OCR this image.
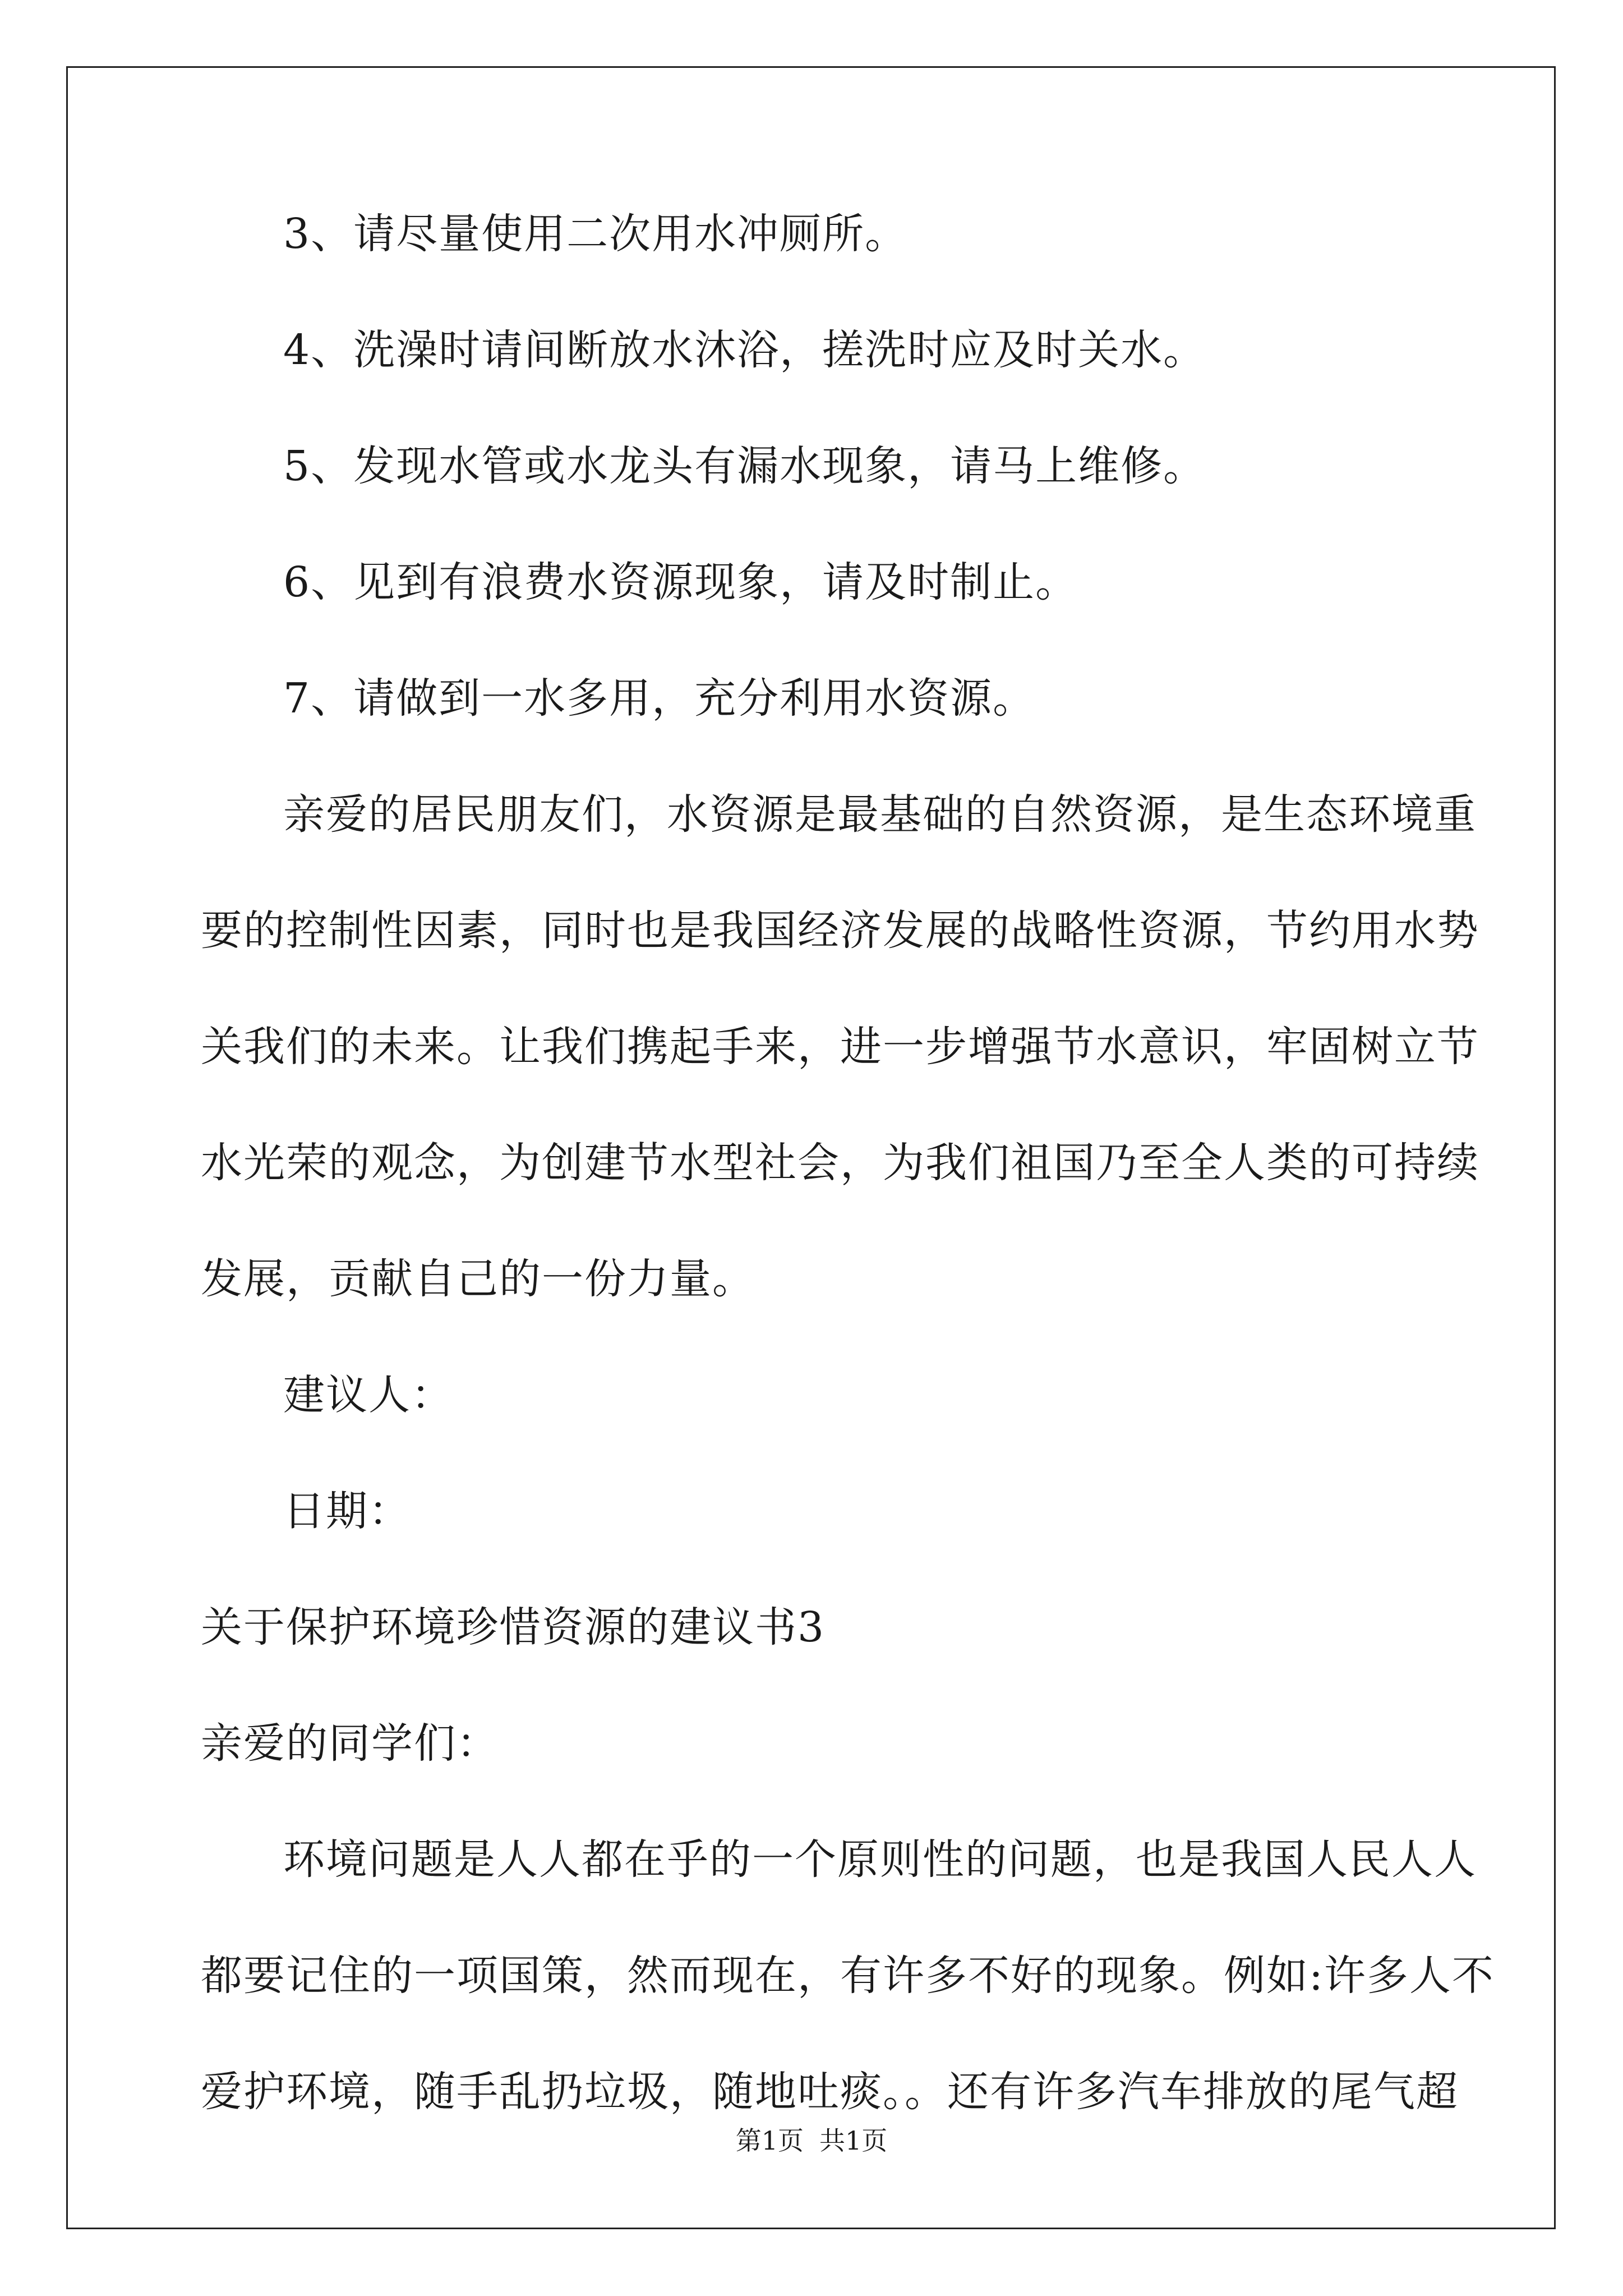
3、请尽量使用二次用水冲厕所。
4、洗澡时请间断放水沐浴，搓洗时应及时关水。
5、发现水管或水龙头有漏水现象，请马上维修。
6、见到有浪费水资源现象，请及时制止。
7、请做到一水多用，充分利用水资源。
亲爱的居民朋友们，水资源是最基础的自然资源，是生态环境重
要的控制性因素，同时也是我国经济发展的战略性资源，节约用水势
关我们的未来。让我们携起手来，进一步增强节水意识，牢固树立节
水光荣的观念，为创建节水型社会，为我们祖国乃至全人类的可持续
发展，贡献自己的一份力量。
建议人：
日期：
关于保护环境珍惜资源的建议书3
亲爱的同学们：
环境问题是人人都在乎的一个原则性的问题，也是我国人民人人
都要记住的一项国策，然而现在，有许多不好的现象。例如:许多人不
爱护环境，随手乱扔垃圾，随地吐痰。。还有许多汽车排放的尾气超
第1页 共1页
